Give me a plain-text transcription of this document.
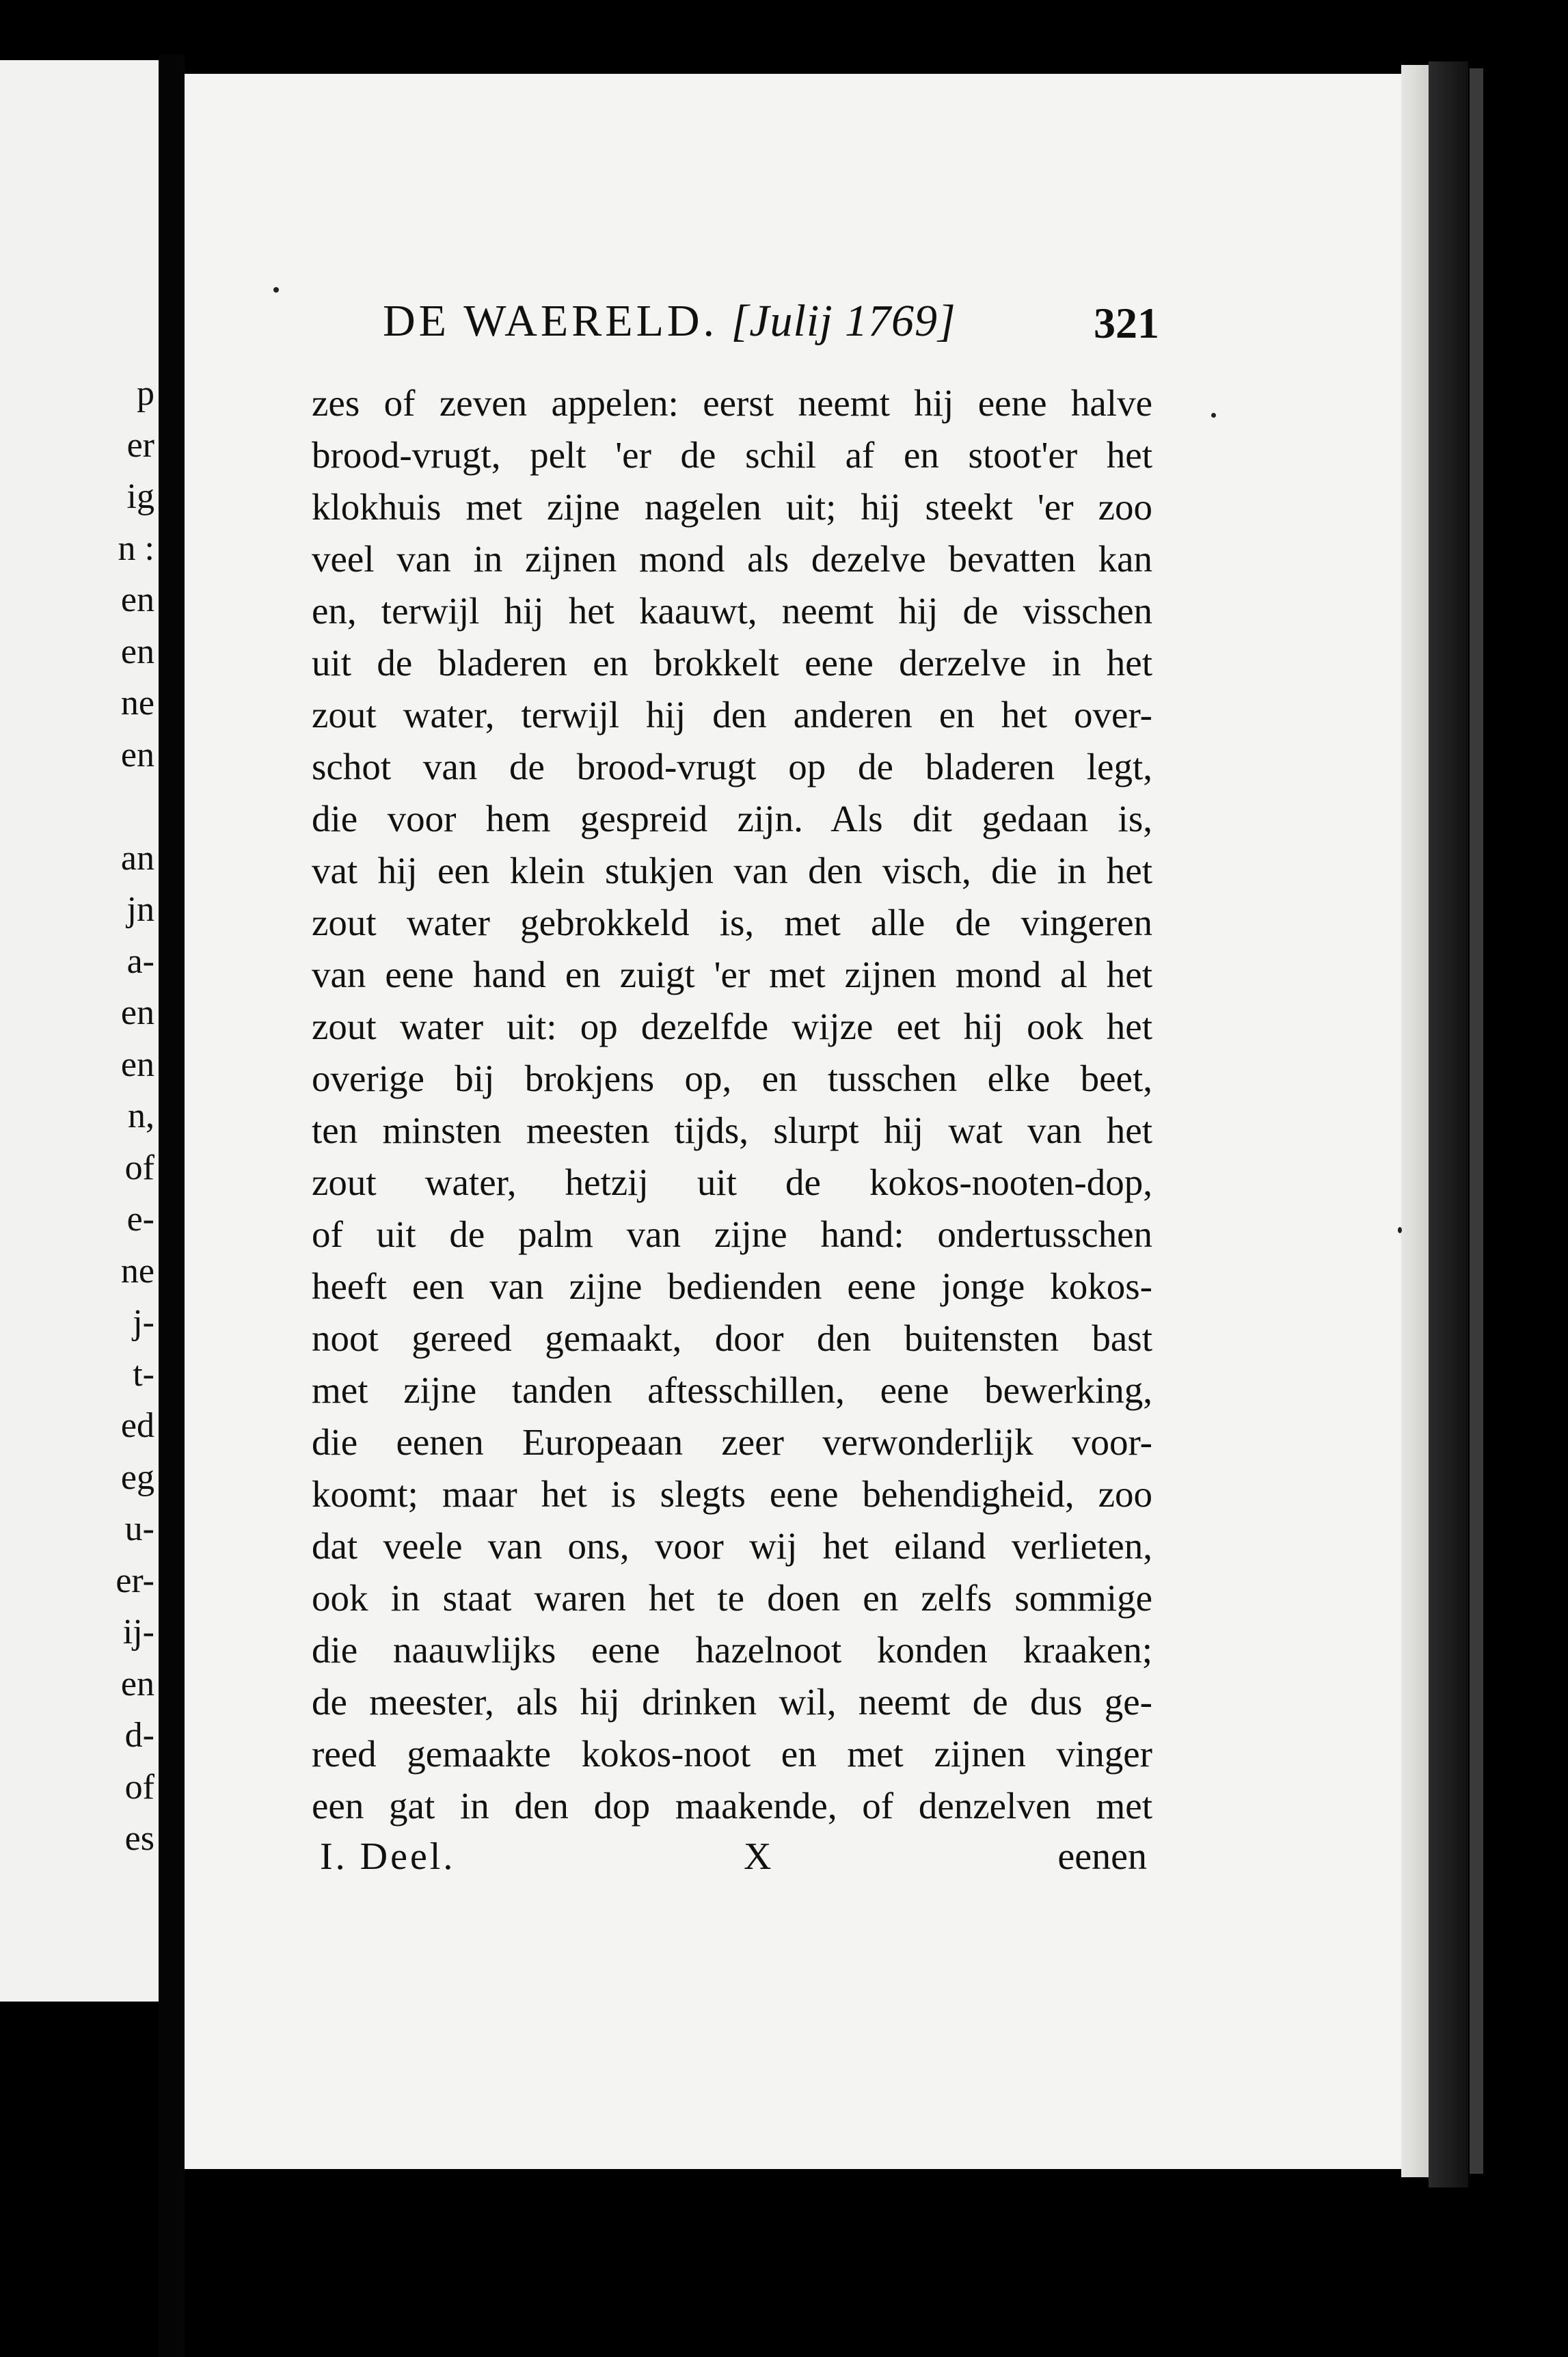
p
er
ig
n :
en
en
ne
en
an
jn
a-
en
en
n,
of
e-
ne
j-
t-
ed
eg
u-
er-
ij-
en
d-
of
es
DE WAERELD. [Julij 1769]	321
zes of zeven appelen: eerst neemt hij eene halve
brood-vrugt, pelt 'er de schil af en stoot'er het
klokhuis met zijne nagelen uit; hij steekt 'er zoo
veel van in zijnen mond als dezelve bevatten kan
en, terwijl hij het kaauwt, neemt hij de visschen
uit de bladeren en brokkelt eene derzelve in het
zout water, terwijl hij den anderen en het over-
schot van de brood-vrugt op de bladeren legt,
die voor hem gespreid zijn. Als dit gedaan is,
vat hij een klein stukjen van den visch, die in het
zout water gebrokkeld is, met alle de vingeren
van eene hand en zuigt 'er met zijnen mond al het
zout water uit: op dezelfde wijze eet hij ook het
overige bij brokjens op, en tusschen elke beet,
ten minsten meesten tijds, slurpt hij wat van het
zout water, hetzij uit de kokos-nooten-dop,
of uit de palm van zijne hand: ondertusschen
heeft een van zijne bedienden eene jonge kokos-
noot gereed gemaakt, door den buitensten bast
met zijne tanden aftesschillen, eene bewerking,
die eenen Europeaan zeer verwonderlijk voor-
koomt; maar het is slegts eene behendigheid, zoo
dat veele van ons, voor wij het eiland verlieten,
ook in staat waren het te doen en zelfs sommige
die naauwlijks eene hazelnoot konden kraaken;
de meester, als hij drinken wil, neemt de dus ge-
reed gemaakte kokos-noot en met zijnen vinger
een gat in den dop maakende, of denzelven met
I. Deel.	X	eenen
